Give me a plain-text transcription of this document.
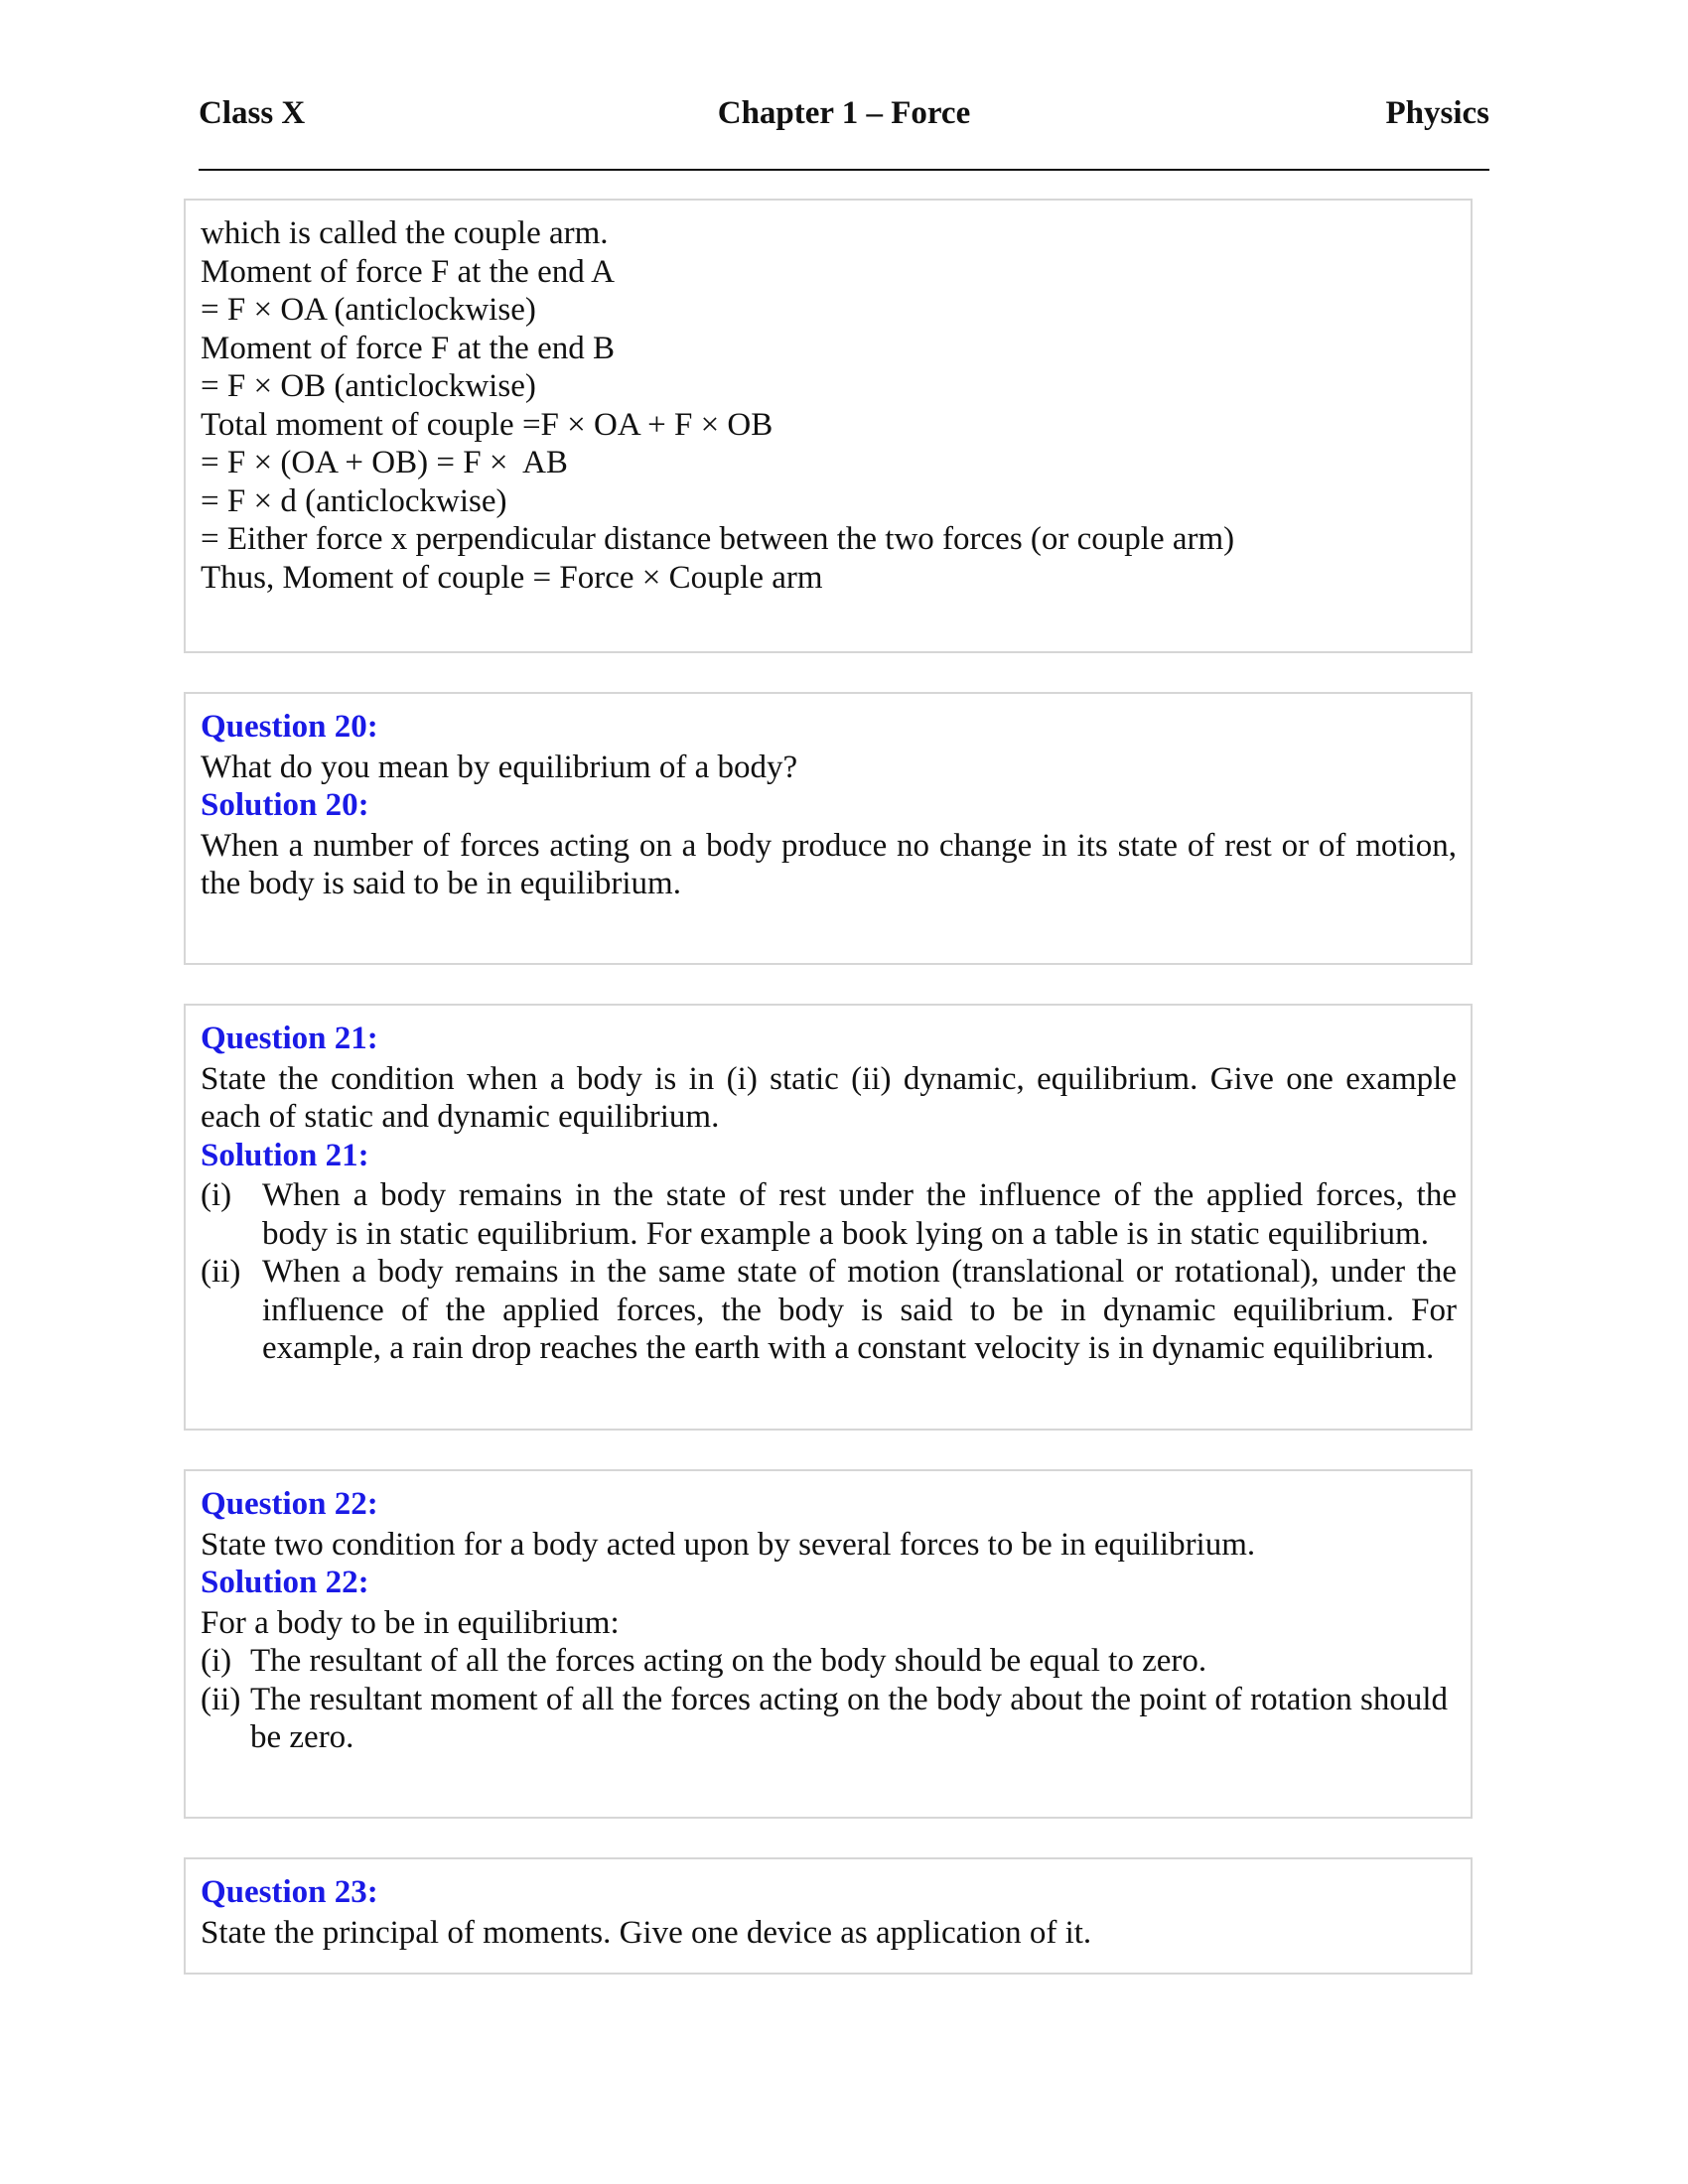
Class X	Chapter 1 – Force	Physics
which is called the couple arm.
Moment of force F at the end A
= F × OA (anticlockwise)
Moment of force F at the end B
= F × OB (anticlockwise)
Total moment of couple =F × OA + F × OB
= F × (OA + OB) = F ×  AB
= F × d (anticlockwise)
= Either force x perpendicular distance between the two forces (or couple arm)
Thus, Moment of couple = Force × Couple arm
Question 20:
What do you mean by equilibrium of a body?
Solution 20:
When a number of forces acting on a body produce no change in its state of rest or of motion, the body is said to be in equilibrium.
Question 21:
State the condition when a body is in (i) static (ii) dynamic, equilibrium. Give one example each of static and dynamic equilibrium.
Solution 21:
(i) When a body remains in the state of rest under the influence of the applied forces, the body is in static equilibrium. For example a book lying on a table is in static equilibrium.
(ii) When a body remains in the same state of motion (translational or rotational), under the influence of the applied forces, the body is said to be in dynamic equilibrium. For example, a rain drop reaches the earth with a constant velocity is in dynamic equilibrium.
Question 22:
State two condition for a body acted upon by several forces to be in equilibrium.
Solution 22:
For a body to be in equilibrium:
(i) The resultant of all the forces acting on the body should be equal to zero.
(ii) The resultant moment of all the forces acting on the body about the point of rotation should be zero.
Question 23:
State the principal of moments. Give one device as application of it.
